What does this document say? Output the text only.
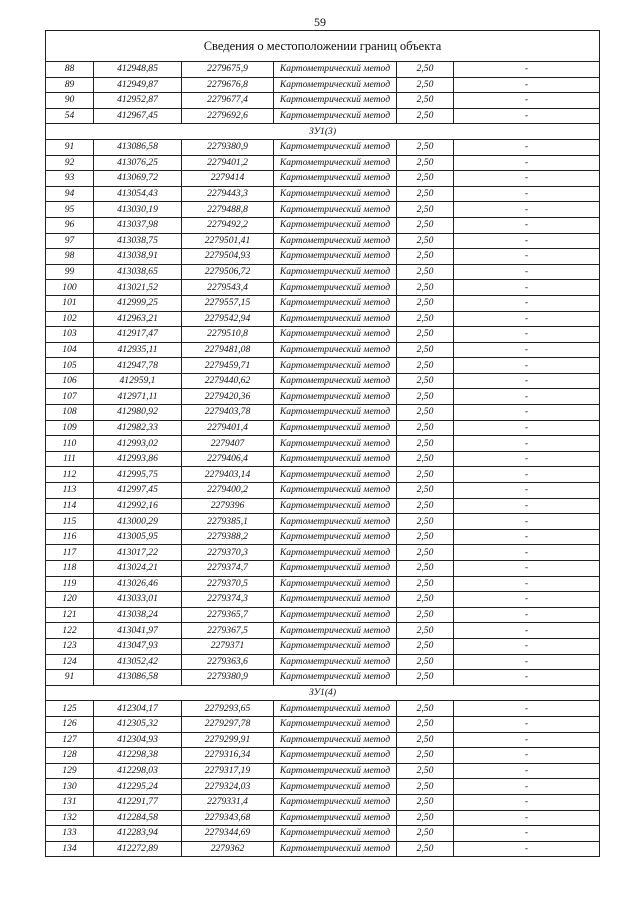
59
Сведения о местоположении границ объекта					
88	412948,85	2279675,9	Картометрический метод	2,50	-
89	412949,87	2279676,8	Картометрический метод	2,50	-
90	412952,87	2279677,4	Картометрический метод	2,50	-
54	412967,45	2279692,6	Картометрический метод	2,50	-
ЗУ1(3)					
91	413086,58	2279380,9	Картометрический метод	2,50	-
92	413076,25	2279401,2	Картометрический метод	2,50	-
93	413069,72	2279414	Картометрический метод	2,50	-
94	413054,43	2279443,3	Картометрический метод	2,50	-
95	413030,19	2279488,8	Картометрический метод	2,50	-
96	413037,98	2279492,2	Картометрический метод	2,50	-
97	413038,75	2279501,41	Картометрический метод	2,50	-
98	413038,91	2279504,93	Картометрический метод	2,50	-
99	413038,65	2279506,72	Картометрический метод	2,50	-
100	413021,52	2279543,4	Картометрический метод	2,50	-
101	412999,25	2279557,15	Картометрический метод	2,50	-
102	412963,21	2279542,94	Картометрический метод	2,50	-
103	412917,47	2279510,8	Картометрический метод	2,50	-
104	412935,11	2279481,08	Картометрический метод	2,50	-
105	412947,78	2279459,71	Картометрический метод	2,50	-
106	412959,1	2279440,62	Картометрический метод	2,50	-
107	412971,11	2279420,36	Картометрический метод	2,50	-
108	412980,92	2279403,78	Картометрический метод	2,50	-
109	412982,33	2279401,4	Картометрический метод	2,50	-
110	412993,02	2279407	Картометрический метод	2,50	-
111	412993,86	2279406,4	Картометрический метод	2,50	-
112	412995,75	2279403,14	Картометрический метод	2,50	-
113	412997,45	2279400,2	Картометрический метод	2,50	-
114	412992,16	2279396	Картометрический метод	2,50	-
115	413000,29	2279385,1	Картометрический метод	2,50	-
116	413005,95	2279388,2	Картометрический метод	2,50	-
117	413017,22	2279370,3	Картометрический метод	2,50	-
118	413024,21	2279374,7	Картометрический метод	2,50	-
119	413026,46	2279370,5	Картометрический метод	2,50	-
120	413033,01	2279374,3	Картометрический метод	2,50	-
121	413038,24	2279365,7	Картометрический метод	2,50	-
122	413041,97	2279367,5	Картометрический метод	2,50	-
123	413047,93	2279371	Картометрический метод	2,50	-
124	413052,42	2279363,6	Картометрический метод	2,50	-
91	413086,58	2279380,9	Картометрический метод	2,50	-
ЗУ1(4)					
125	412304,17	2279293,65	Картометрический метод	2,50	-
126	412305,32	2279297,78	Картометрический метод	2,50	-
127	412304,93	2279299,91	Картометрический метод	2,50	-
128	412298,38	2279316,34	Картометрический метод	2,50	-
129	412298,03	2279317,19	Картометрический метод	2,50	-
130	412295,24	2279324,03	Картометрический метод	2,50	-
131	412291,77	2279331,4	Картометрический метод	2,50	-
132	412284,58	2279343,68	Картометрический метод	2,50	-
133	412283,94	2279344,69	Картометрический метод	2,50	-
134	412272,89	2279362	Картометрический метод	2,50	-
